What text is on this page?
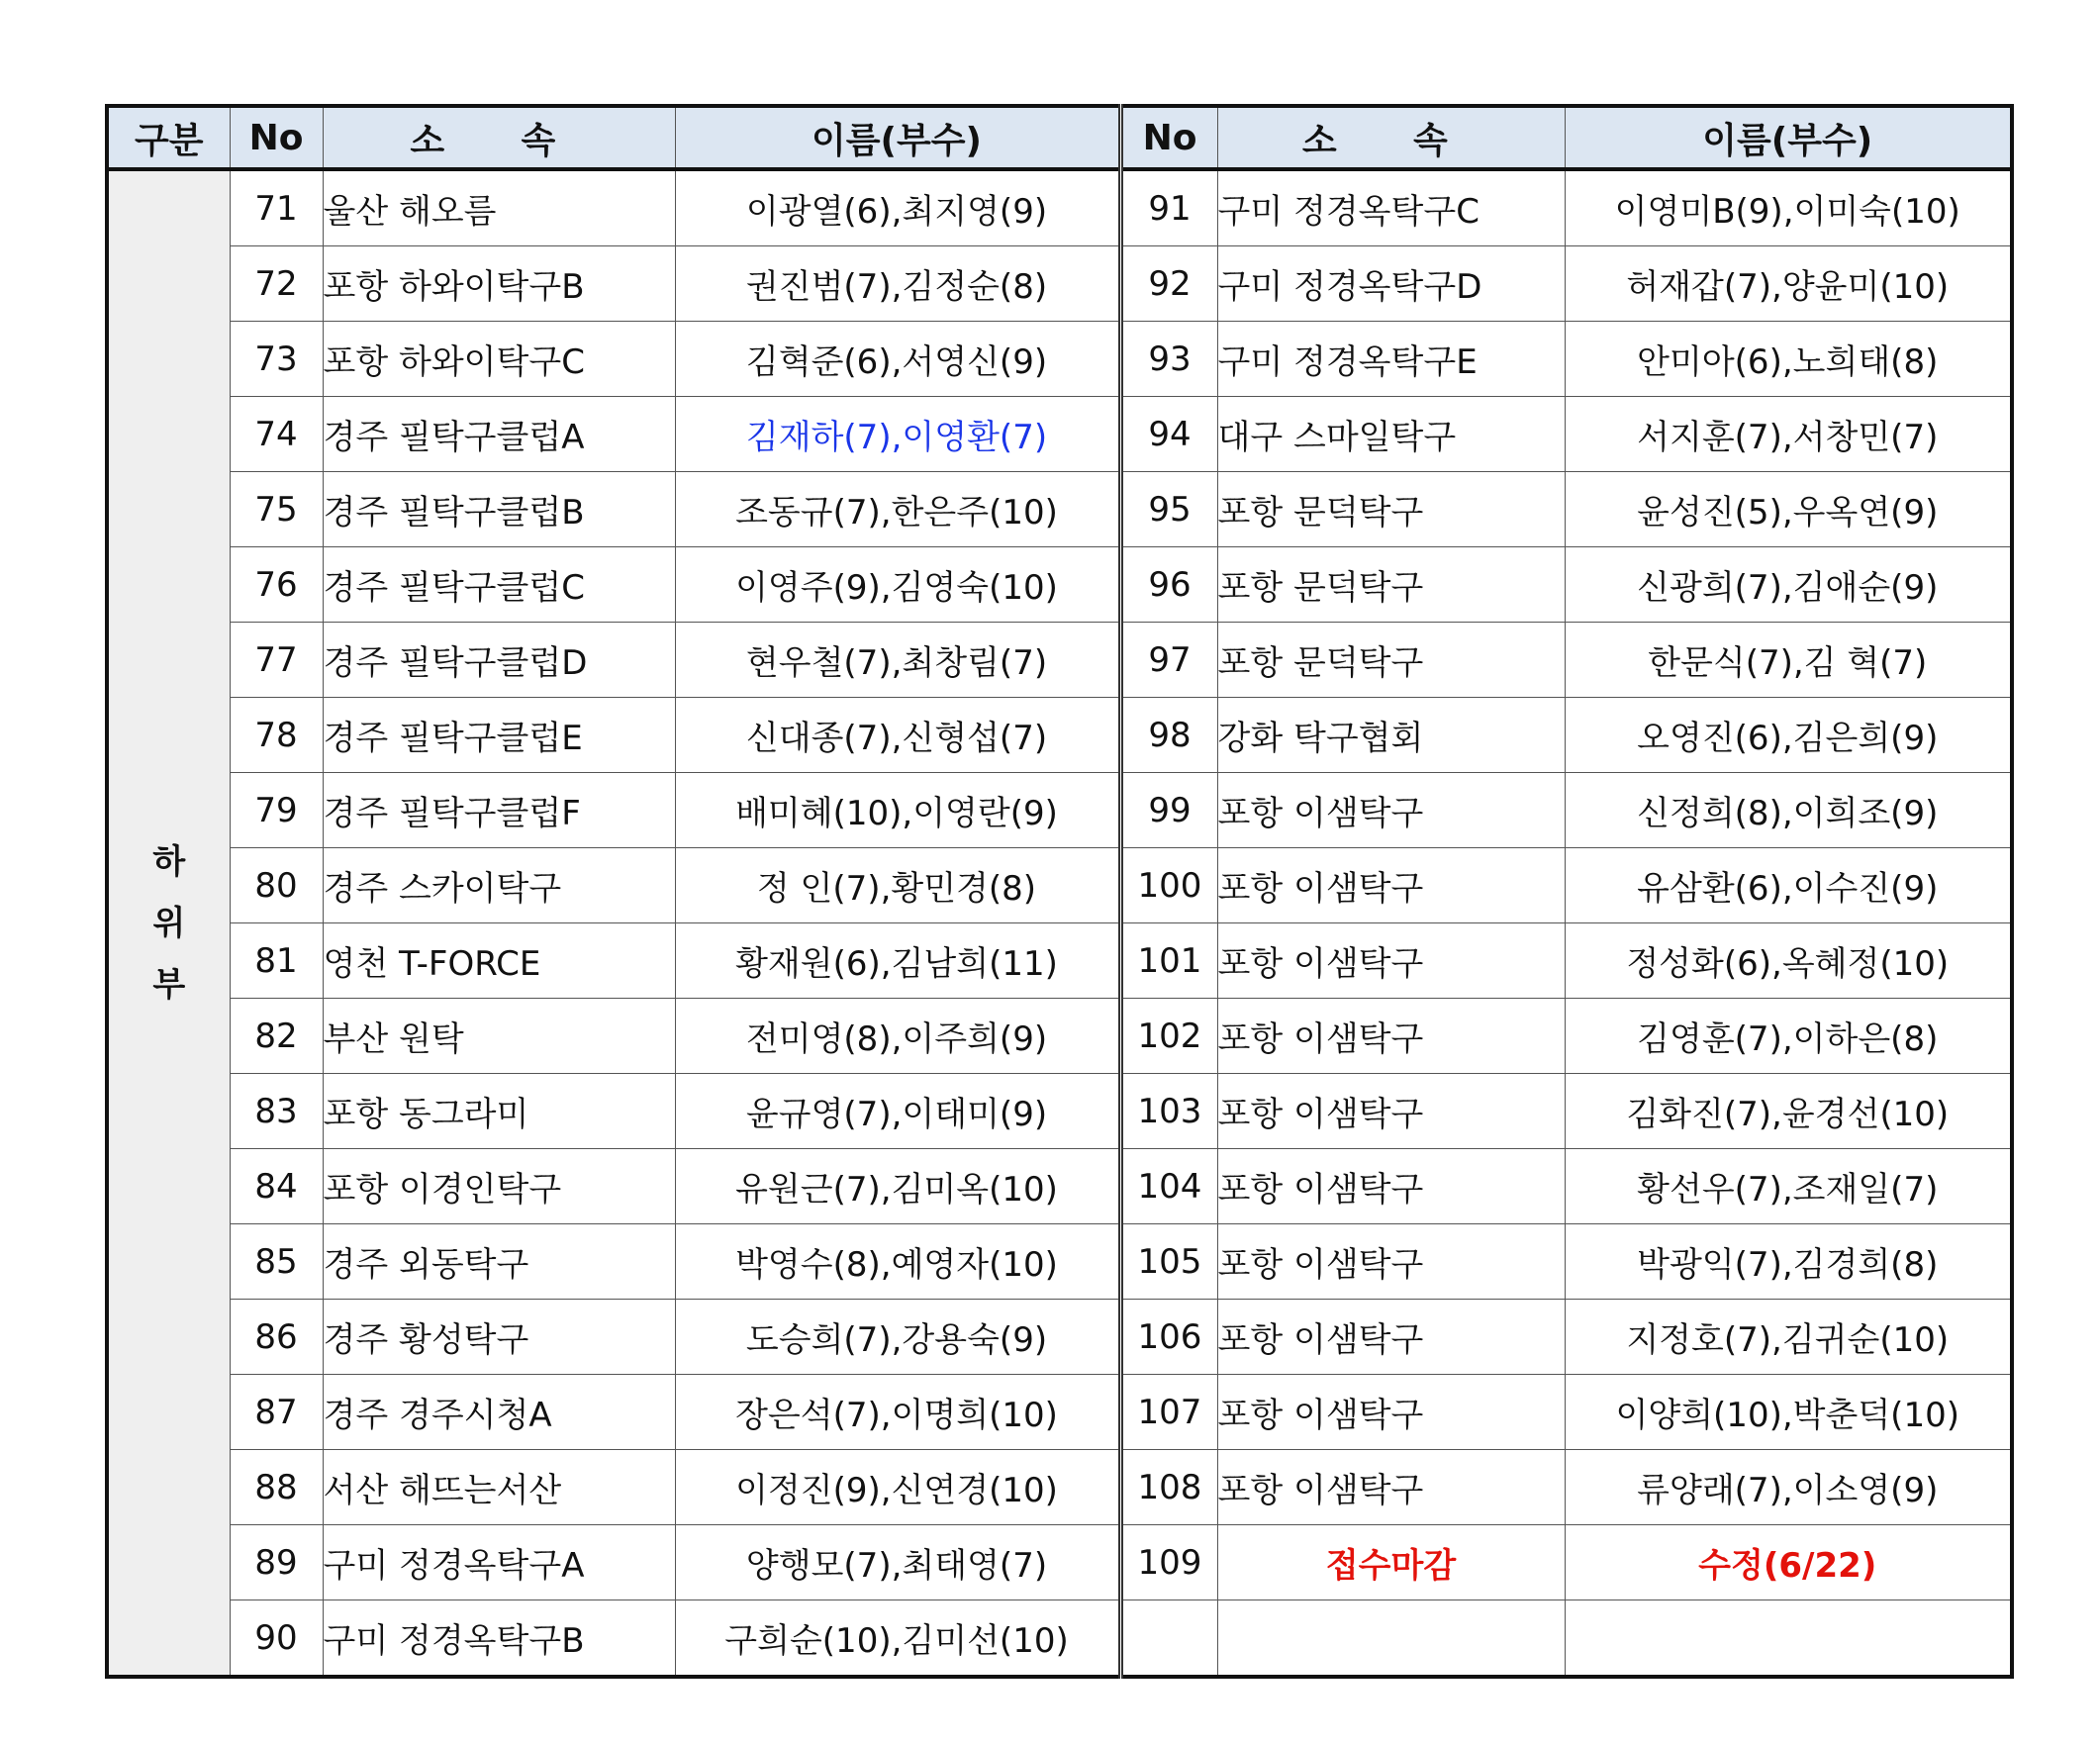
구분	No	소 속	이름(부수)	No	소 속	이름(부수)
하
위
부	71	울산 해오름	이광열(6),최지영(9)	91	구미 정경옥탁구C	이영미B(9),이미숙(10)
	72	포항 하와이탁구B	권진범(7),김정순(8)	92	구미 정경옥탁구D	허재갑(7),양윤미(10)
	73	포항 하와이탁구C	김혁준(6),서영신(9)	93	구미 정경옥탁구E	안미아(6),노희태(8)
	74	경주 필탁구클럽A	김재하(7),이영환(7)	94	대구 스마일탁구	서지훈(7),서창민(7)
	75	경주 필탁구클럽B	조동규(7),한은주(10)	95	포항 문덕탁구	윤성진(5),우옥연(9)
	76	경주 필탁구클럽C	이영주(9),김영숙(10)	96	포항 문덕탁구	신광희(7),김애순(9)
	77	경주 필탁구클럽D	현우철(7),최창림(7)	97	포항 문덕탁구	한문식(7),김 혁(7)
	78	경주 필탁구클럽E	신대종(7),신형섭(7)	98	강화 탁구협회	오영진(6),김은희(9)
	79	경주 필탁구클럽F	배미혜(10),이영란(9)	99	포항 이샘탁구	신정희(8),이희조(9)
	80	경주 스카이탁구	정 인(7),황민경(8)	100	포항 이샘탁구	유삼환(6),이수진(9)
	81	영천 T-FORCE	황재원(6),김남희(11)	101	포항 이샘탁구	정성화(6),옥혜정(10)
	82	부산 원탁	전미영(8),이주희(9)	102	포항 이샘탁구	김영훈(7),이하은(8)
	83	포항 동그라미	윤규영(7),이태미(9)	103	포항 이샘탁구	김화진(7),윤경선(10)
	84	포항 이경인탁구	유원근(7),김미옥(10)	104	포항 이샘탁구	황선우(7),조재일(7)
	85	경주 외동탁구	박영수(8),예영자(10)	105	포항 이샘탁구	박광익(7),김경희(8)
	86	경주 황성탁구	도승희(7),강용숙(9)	106	포항 이샘탁구	지정호(7),김귀순(10)
	87	경주 경주시청A	장은석(7),이명희(10)	107	포항 이샘탁구	이양희(10),박춘덕(10)
	88	서산 해뜨는서산	이정진(9),신연경(10)	108	포항 이샘탁구	류양래(7),이소영(9)
	89	구미 정경옥탁구A	양행모(7),최태영(7)	109	접수마감	수정(6/22)
	90	구미 정경옥탁구B	구희순(10),김미선(10)			
